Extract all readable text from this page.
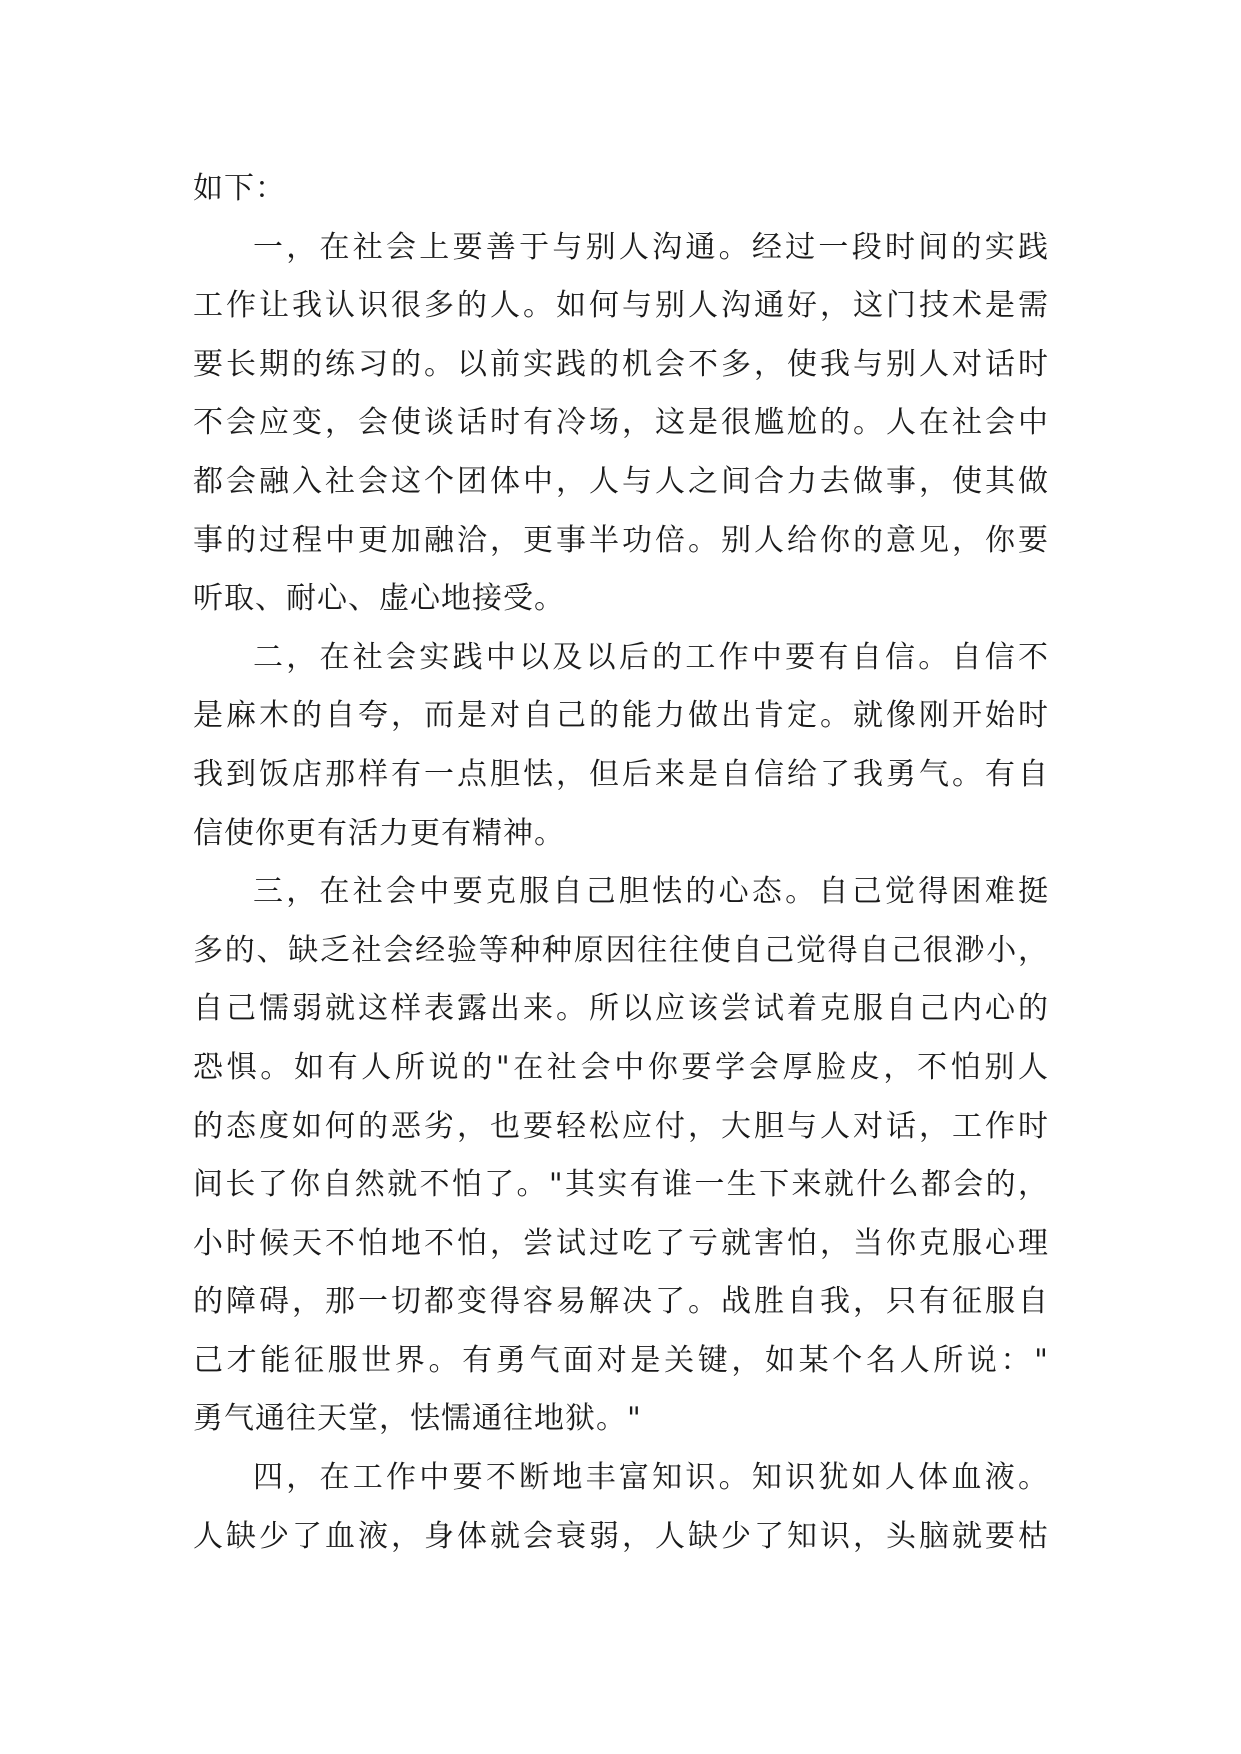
如下：
一，在社会上要善于与别人沟通。经过一段时间的实践
工作让我认识很多的人。如何与别人沟通好，这门技术是需
要长期的练习的。以前实践的机会不多，使我与别人对话时
不会应变，会使谈话时有冷场，这是很尴尬的。人在社会中
都会融入社会这个团体中，人与人之间合力去做事，使其做
事的过程中更加融洽，更事半功倍。别人给你的意见，你要
听取、耐心、虚心地接受。
二，在社会实践中以及以后的工作中要有自信。自信不
是麻木的自夸，而是对自己的能力做出肯定。就像刚开始时
我到饭店那样有一点胆怯，但后来是自信给了我勇气。有自
信使你更有活力更有精神。
三，在社会中要克服自己胆怯的心态。自己觉得困难挺
多的、缺乏社会经验等种种原因往往使自己觉得自己很渺小，
自己懦弱就这样表露出来。所以应该尝试着克服自己内心的
恐惧。如有人所说的"在社会中你要学会厚脸皮，不怕别人
的态度如何的恶劣，也要轻松应付，大胆与人对话，工作时
间长了你自然就不怕了。"其实有谁一生下来就什么都会的，
小时候天不怕地不怕，尝试过吃了亏就害怕，当你克服心理
的障碍，那一切都变得容易解决了。战胜自我，只有征服自
己才能征服世界。有勇气面对是关键，如某个名人所说："
勇气通往天堂，怯懦通往地狱。"
四，在工作中要不断地丰富知识。知识犹如人体血液。
人缺少了血液，身体就会衰弱，人缺少了知识，头脑就要枯
